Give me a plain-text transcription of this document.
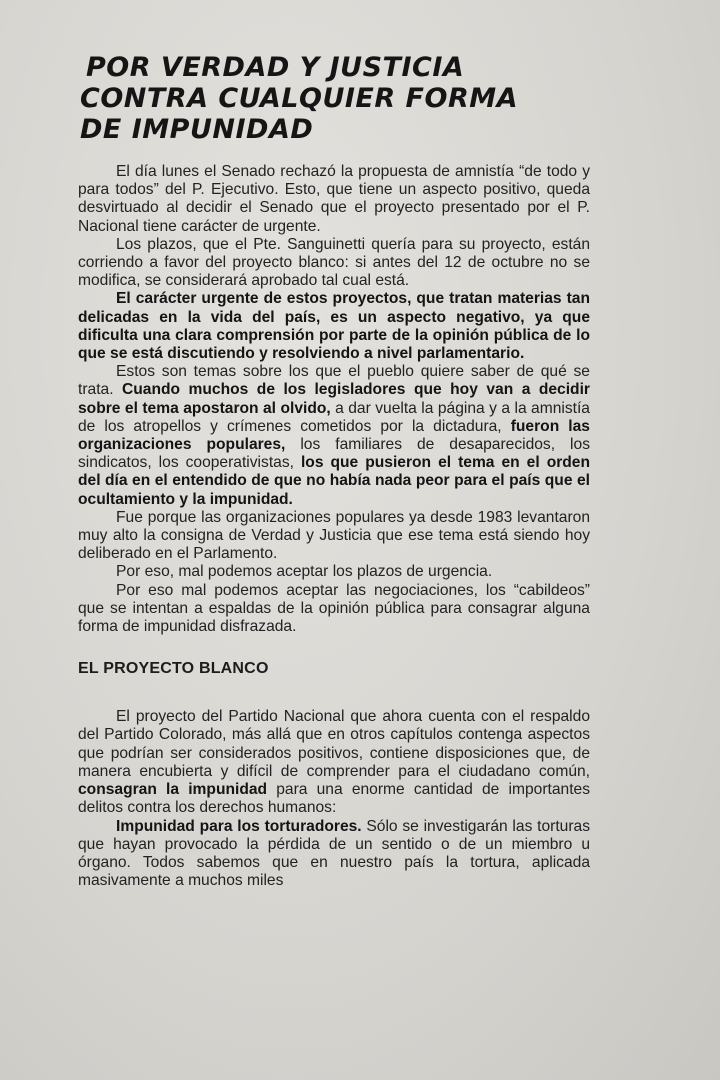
POR VERDAD Y JUSTICIA
CONTRA CUALQUIER FORMA
DE IMPUNIDAD

El día lunes el Senado rechazó la propuesta de amnistía “de todo y para todos” del P. Ejecutivo. Esto, que tiene un aspecto positivo, queda desvirtuado al decidir el Senado que el proyecto presentado por el P. Nacional tiene carácter de urgente.

Los plazos, que el Pte. Sanguinetti quería para su proyecto, están corriendo a favor del proyecto blanco: si antes del 12 de octubre no se modifica, se considerará aprobado tal cual está.

El carácter urgente de estos proyectos, que tratan materias tan delicadas en la vida del país, es un aspecto negativo, ya que dificulta una clara comprensión por parte de la opinión pública de lo que se está discutiendo y resolviendo a nivel parlamentario.

Estos son temas sobre los que el pueblo quiere saber de qué se trata. Cuando muchos de los legisladores que hoy van a decidir sobre el tema apostaron al olvido, a dar vuelta la página y a la amnistía de los atropellos y crímenes cometidos por la dictadura, fueron las organizaciones populares, los familiares de desaparecidos, los sindicatos, los cooperativistas, los que pusieron el tema en el orden del día en el entendido de que no había nada peor para el país que el ocultamiento y la impunidad.

Fue porque las organizaciones populares ya desde 1983 levantaron muy alto la consigna de Verdad y Justicia que ese tema está siendo hoy deliberado en el Parlamento.

Por eso, mal podemos aceptar los plazos de urgencia.

Por eso mal podemos aceptar las negociaciones, los “cabildeos” que se intentan a espaldas de la opinión pública para consagrar alguna forma de impunidad disfrazada.

EL PROYECTO BLANCO

El proyecto del Partido Nacional que ahora cuenta con el respaldo del Partido Colorado, más allá que en otros capítulos contenga aspectos que podrían ser considerados positivos, contiene disposiciones que, de manera encubierta y difícil de comprender para el ciudadano común, consagran la impunidad para una enorme cantidad de importantes delitos contra los derechos humanos:

Impunidad para los torturadores. Sólo se investigarán las torturas que hayan provocado la pérdida de un sentido o de un miembro u órgano. Todos sabemos que en nuestro país la tortura, aplicada masivamente a muchos miles
